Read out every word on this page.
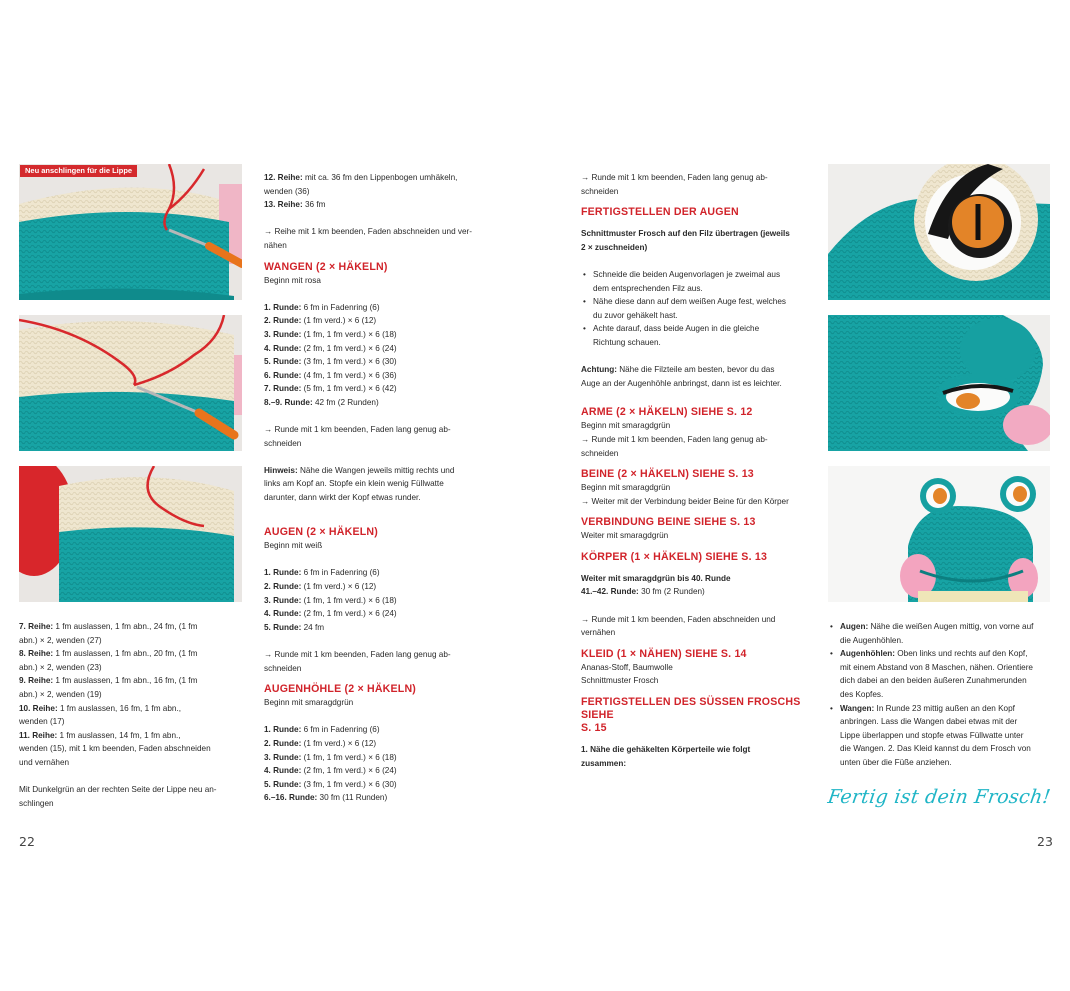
Neu anschlingen für die Lippe

7. Reihe: 1 fm auslassen, 1 fm abn., 24 fm, (1 fm

abn.) × 2, wenden (27)

8. Reihe: 1 fm auslassen, 1 fm abn., 20 fm, (1 fm

abn.) × 2, wenden (23)

9. Reihe: 1 fm auslassen, 1 fm abn., 16 fm, (1 fm

abn.) × 2, wenden (19)

10. Reihe: 1 fm auslassen, 16 fm, 1 fm abn.,

wenden (17)

11. Reihe: 1 fm auslassen, 14 fm, 1 fm abn.,

wenden (15), mit 1 km beenden, Faden abschneiden

und vernähen

Mit Dunkelgrün an der rechten Seite der Lippe neu an-

schlingen

12. Reihe: mit ca. 36 fm den Lippenbogen umhäkeln,

wenden (36)

13. Reihe: 36 fm

→ Reihe mit 1 km beenden, Faden abschneiden und ver-

nähen

WANGEN (2 × HÄKELN)

Beginn mit rosa

1. Runde: 6 fm in Fadenring (6)

2. Runde: (1 fm verd.) × 6 (12)

3. Runde: (1 fm, 1 fm verd.) × 6 (18)

4. Runde: (2 fm, 1 fm verd.) × 6 (24)

5. Runde: (3 fm, 1 fm verd.) × 6 (30)

6. Runde: (4 fm, 1 fm verd.) × 6 (36)

7. Runde: (5 fm, 1 fm verd.) × 6 (42)

8.–9. Runde: 42 fm (2 Runden)

→ Runde mit 1 km beenden, Faden lang genug ab-

schneiden

Hinweis: Nähe die Wangen jeweils mittig rechts und

links am Kopf an. Stopfe ein klein wenig Füllwatte

darunter, dann wirkt der Kopf etwas runder.

AUGEN (2 × HÄKELN)

Beginn mit weiß

1. Runde: 6 fm in Fadenring (6)

2. Runde: (1 fm verd.) × 6 (12)

3. Runde: (1 fm, 1 fm verd.) × 6 (18)

4. Runde: (2 fm, 1 fm verd.) × 6 (24)

5. Runde: 24 fm

→ Runde mit 1 km beenden, Faden lang genug ab-

schneiden

AUGENHÖHLE (2 × HÄKELN)

Beginn mit smaragdgrün

1. Runde: 6 fm in Fadenring (6)

2. Runde: (1 fm verd.) × 6 (12)

3. Runde: (1 fm, 1 fm verd.) × 6 (18)

4. Runde: (2 fm, 1 fm verd.) × 6 (24)

5. Runde: (3 fm, 1 fm verd.) × 6 (30)

6.–16. Runde: 30 fm (11 Runden)

→ Runde mit 1 km beenden, Faden lang genug ab-

schneiden

FERTIGSTELLEN DER AUGEN

Schnittmuster Frosch auf den Filz übertragen (jeweils

2 × zuschneiden)

• Schneide die beiden Augenvorlagen je zweimal aus
dem entsprechenden Filz aus.
• Nähe diese dann auf dem weißen Auge fest, welches
du zuvor gehäkelt hast.
• Achte darauf, dass beide Augen in die gleiche
Richtung schauen.

Achtung: Nähe die Filzteile am besten, bevor du das

Auge an der Augenhöhle anbringst, dann ist es leichter.

ARME (2 × HÄKELN) SIEHE S. 12

Beginn mit smaragdgrün

→ Runde mit 1 km beenden, Faden lang genug ab-

schneiden

BEINE (2 × HÄKELN) SIEHE S. 13

Beginn mit smaragdgrün

→ Weiter mit der Verbindung beider Beine für den Körper

VERBINDUNG BEINE SIEHE S. 13

Weiter mit smaragdgrün

KÖRPER (1 × HÄKELN) SIEHE S. 13

Weiter mit smaragdgrün bis 40. Runde

41.–42. Runde: 30 fm (2 Runden)

→ Runde mit 1 km beenden, Faden abschneiden und

vernähen

KLEID (1 × NÄHEN) SIEHE S. 14

Ananas-Stoff, Baumwolle

Schnittmuster Frosch

FERTIGSTELLEN DES SÜSSEN FROSCHS SIEHE

S. 15

1. Nähe die gehäkelten Körperteile wie folgt

zusammen:

• Augen: Nähe die weißen Augen mittig, von vorne auf
die Augenhöhlen.
• Augenhöhlen: Oben links und rechts auf den Kopf,
mit einem Abstand von 8 Maschen, nähen. Orientiere
dich dabei an den beiden äußeren Zunahmerunden
des Kopfes.
• Wangen: In Runde 23 mittig außen an den Kopf
anbringen. Lass die Wangen dabei etwas mit der
Lippe überlappen und stopfe etwas Füllwatte unter
die Wangen. 2. Das Kleid kannst du dem Frosch von
unten über die Füße anziehen.
Fertig ist dein Frosch!
22	23
